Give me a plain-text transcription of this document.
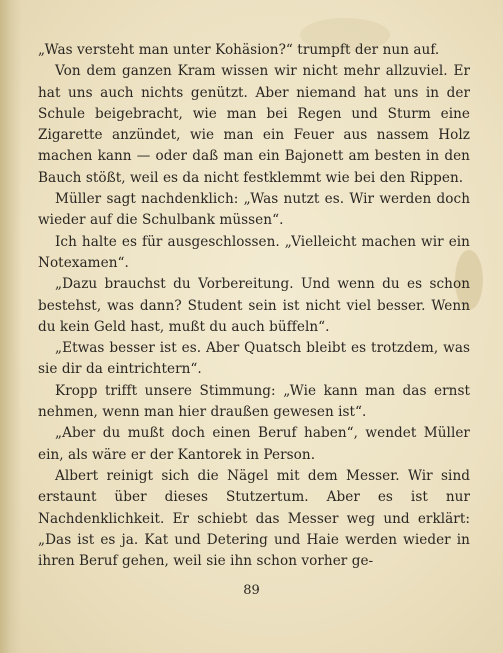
„Was versteht man unter Kohäsion?“ trumpft der nun auf.

Von dem ganzen Kram wissen wir nicht mehr allzuviel. Er hat uns auch nichts genützt. Aber niemand hat uns in der Schule beigebracht, wie man bei Regen und Sturm eine Zigarette anzündet, wie man ein Feuer aus nassem Holz machen kann — oder daß man ein Bajonett am besten in den Bauch stößt, weil es da nicht festklemmt wie bei den Rippen.

Müller sagt nachdenklich: „Was nutzt es. Wir werden doch wieder auf die Schulbank müssen“.

Ich halte es für ausgeschlossen. „Vielleicht machen wir ein Notexamen“.

„Dazu brauchst du Vorbereitung. Und wenn du es schon bestehst, was dann? Student sein ist nicht viel besser. Wenn du kein Geld hast, mußt du auch büffeln“.

„Etwas besser ist es. Aber Quatsch bleibt es trotzdem, was sie dir da eintrichtern“.

Kropp trifft unsere Stimmung: „Wie kann man das ernst nehmen, wenn man hier draußen gewesen ist“.

„Aber du mußt doch einen Beruf haben“, wendet Müller ein, als wäre er der Kantorek in Person.

Albert reinigt sich die Nägel mit dem Messer. Wir sind erstaunt über dieses Stutzertum. Aber es ist nur Nachdenklichkeit. Er schiebt das Messer weg und erklärt: „Das ist es ja. Kat und Detering und Haie werden wieder in ihren Beruf gehen, weil sie ihn schon vorher ge-

89
